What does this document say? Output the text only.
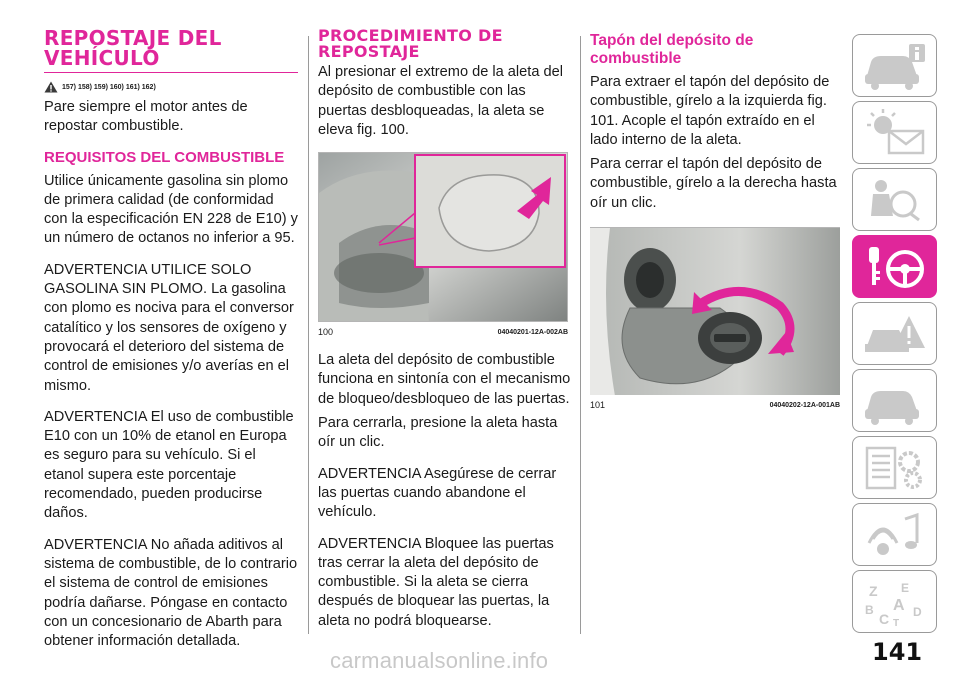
REPOSTAJE DEL
VEHÍCULO
157) 158) 159) 160) 161) 162)

Pare siempre el motor antes de repostar combustible.

REQUISITOS DEL COMBUSTIBLE

Utilice únicamente gasolina sin plomo de primera calidad (de conformidad con la especificación EN 228 de E10) y un número de octanos no inferior a 95.

ADVERTENCIA UTILICE SOLO GASOLINA SIN PLOMO. La gasolina con plomo es nociva para el conversor catalítico y los sensores de oxígeno y provocará el deterioro del sistema de control de emisiones y/o averías en el mismo.

ADVERTENCIA El uso de combustible E10 con un 10% de etanol en Europa es seguro para su vehículo. Si el etanol supera este porcentaje recomendado, pueden producirse daños.

ADVERTENCIA No añada aditivos al sistema de combustible, de lo contrario el sistema de control de emisiones podría dañarse. Póngase en contacto con un concesionario de Abarth para obtener información detallada.

PROCEDIMIENTO DE
REPOSTAJE

Al presionar el extremo de la aleta del depósito de combustible con las puertas desbloqueadas, la aleta se eleva fig. 100.

100	04040201-12A-002AB

La aleta del depósito de combustible funciona en sintonía con el mecanismo de bloqueo/desbloqueo de las puertas.

Para cerrarla, presione la aleta hasta oír un clic.

ADVERTENCIA Asegúrese de cerrar las puertas cuando abandone el vehículo.

ADVERTENCIA Bloquee las puertas tras cerrar la aleta del depósito de combustible. Si la aleta se cierra después de bloquear las puertas, la aleta no podrá bloquearse.

Tapón del depósito de combustible

Para extraer el tapón del depósito de combustible, gírelo a la izquierda fig. 101. Acople el tapón extraído en el lado interno de la aleta.

Para cerrar el tapón del depósito de combustible, gírelo a la derecha hasta oír un clic.

101	04040202-12A-001AB
Z E
A
B	D
C T
141
carmanualsonline.info
